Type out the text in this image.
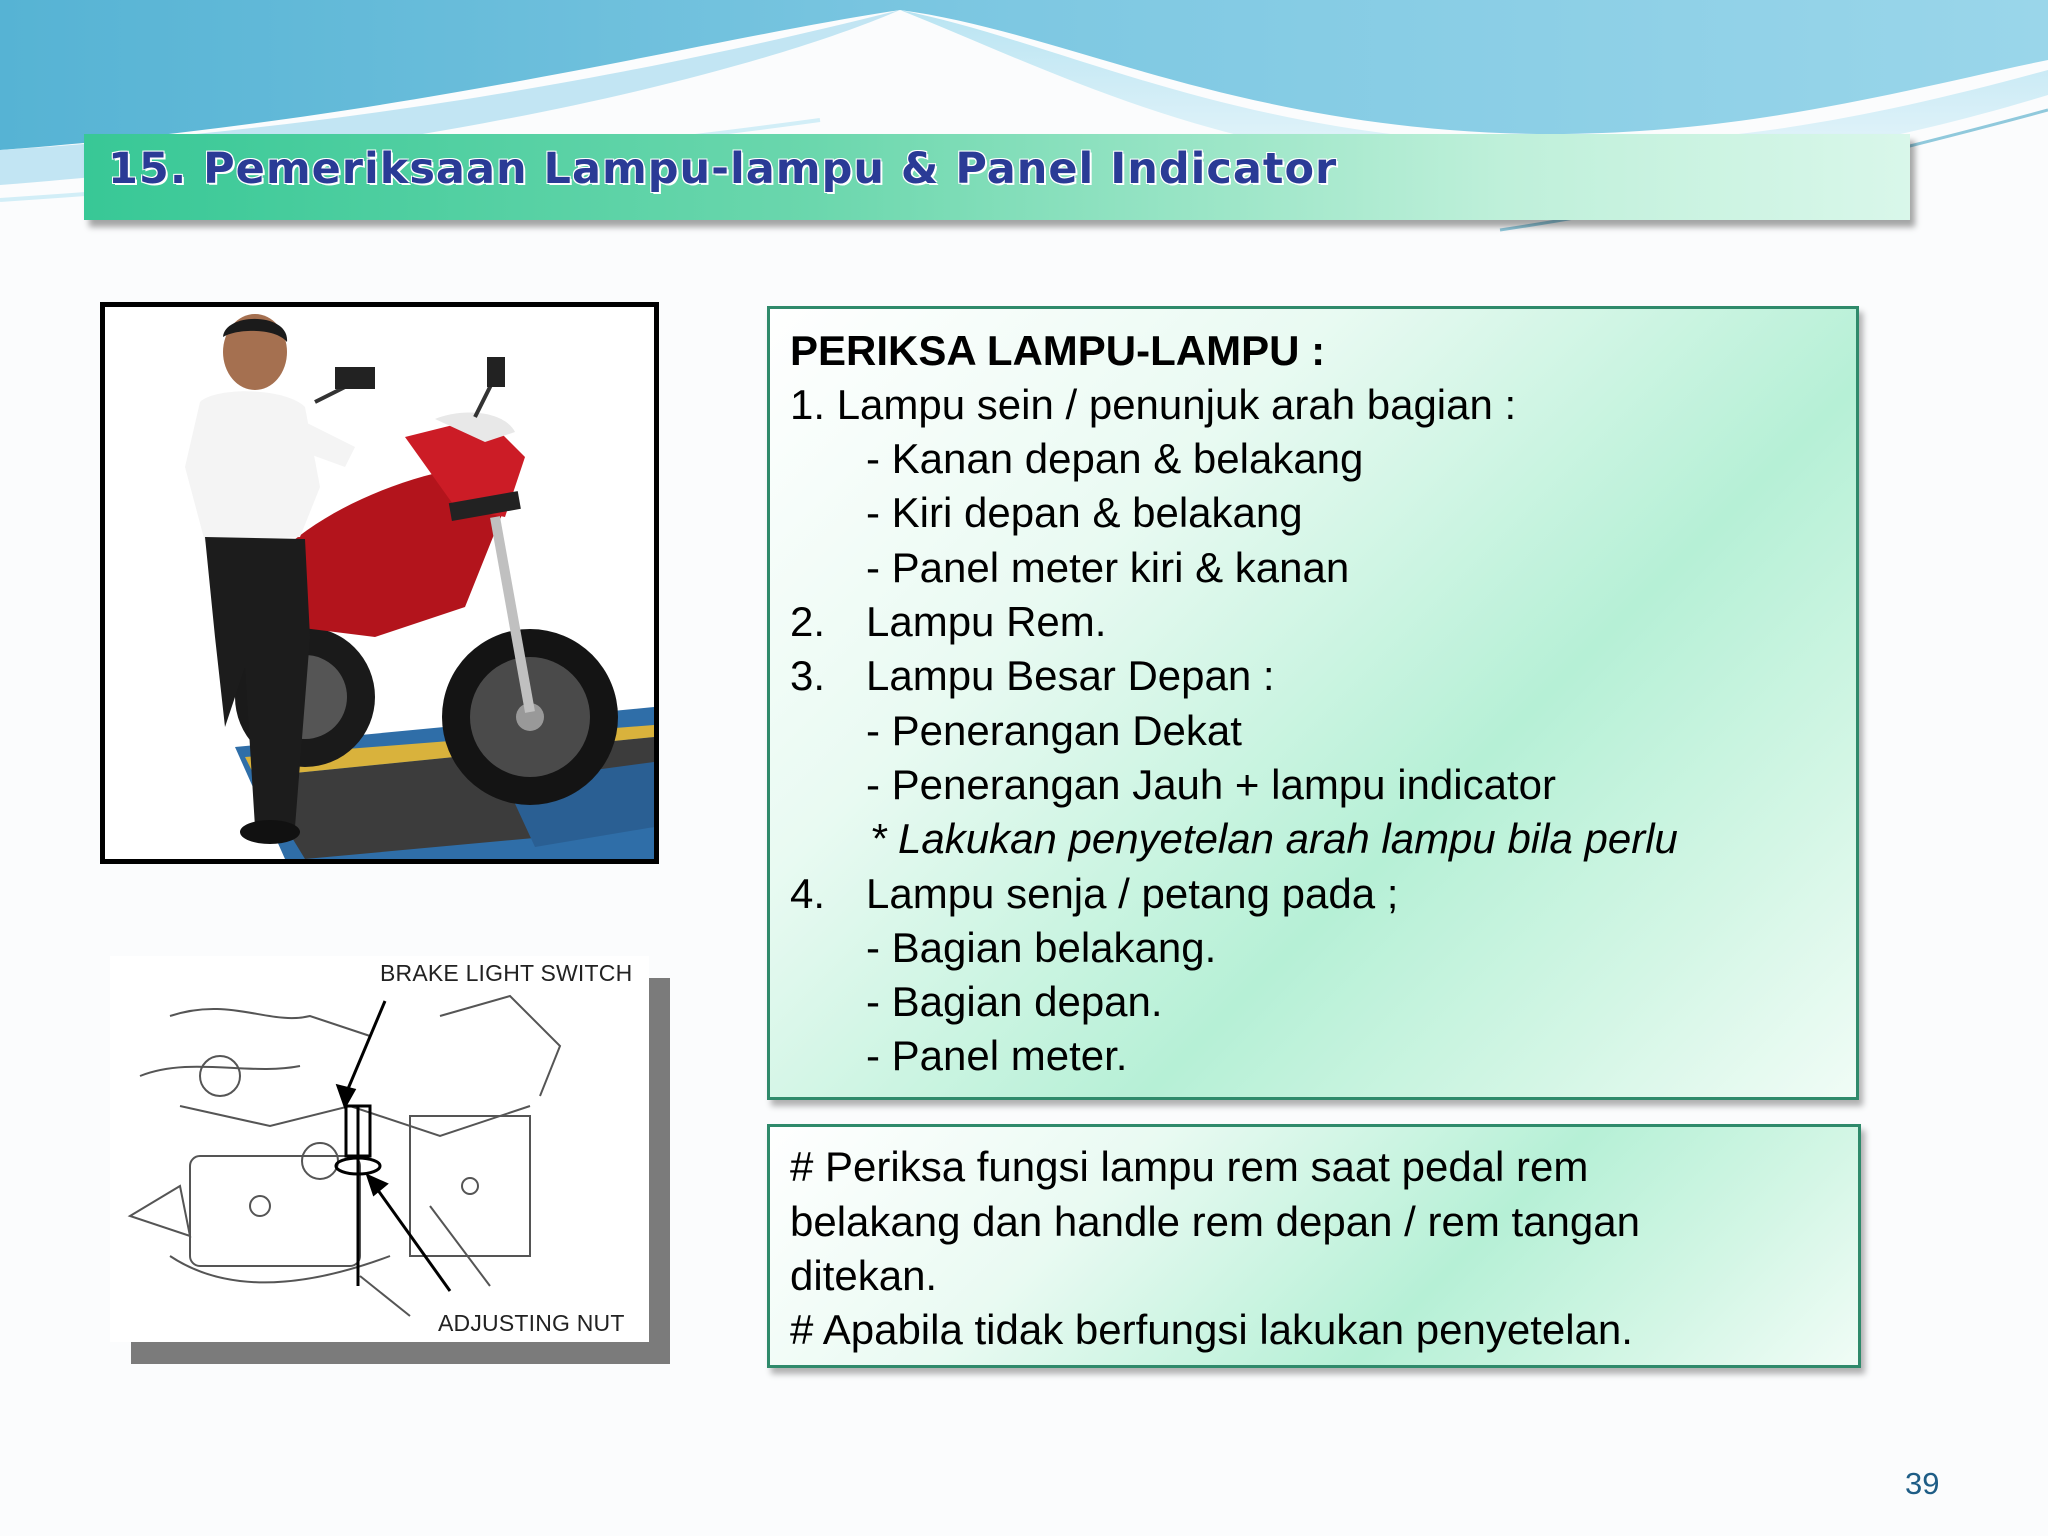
15. Pemeriksaan Lampu-lampu & Panel Indicator
BRAKE LIGHT SWITCH
ADJUSTING NUT

PERIKSA LAMPU-LAMPU :

1. Lampu sein / penunjuk arah bagian :

- Kanan depan & belakang

- Kiri depan & belakang

- Panel meter kiri & kanan

2. Lampu Rem.

3. Lampu Besar Depan :

- Penerangan Dekat

- Penerangan Jauh + lampu indicator

* Lakukan penyetelan arah lampu bila perlu

4. Lampu senja / petang pada ;

- Bagian belakang.

- Bagian depan.

- Panel meter.

# Periksa fungsi lampu rem saat pedal rem

belakang dan handle rem depan / rem tangan

ditekan.

# Apabila tidak berfungsi lakukan penyetelan.

39
